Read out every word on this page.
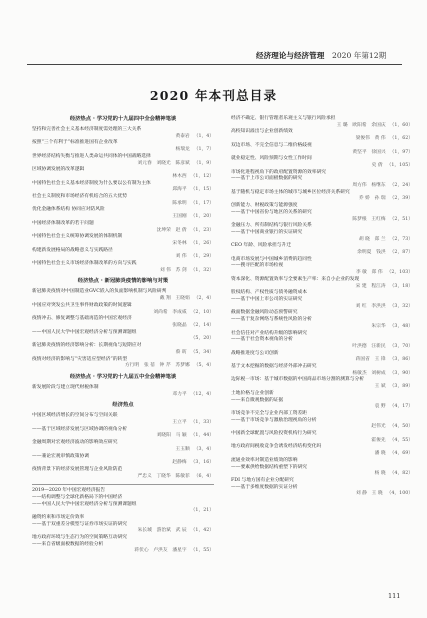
经济理论与经济管理 2020 年第12期
2020 年本刊总目录
经济热点 · 学习党的十九届四中全会精神笔谈
坚持和完善社会主义基本经济制度需处理的三大关系
黄泰岩 （1，4）
按照“三个有利于”标准推进国有企业改革
杨瑞龙 （1，7）
世界经济结构失衡与推进人类命运共同体的中国战略选择
刘元春　刘晓光　陈彦斌 （1，9）
区域协调发展的改革逻辑
林木西 （1，12）
中国特色社会主义基本经济制度为什么要以公有制为主体
邱海平 （1，15）
社会主义制度和市场经济有机结合的五大优势
陈承明 （1，17）
优化金融体系结构 协同应对防风险
王国刚 （1，20）
中国经济体制改革的若干问题
沈坤荣　赵 倩 （1，23）
中国特色社会主义统筹协调发展的体制机制
宋冬林 （1，26）
构建新发展格局的战略意义与实践路径
刘 伟 （1，29）
中国特色社会主义市场经济体制改革的方向与实践
刘 伟　苏 剑 （1，32）
经济热点 · 新冠肺炎疫情的影响与对策
新冠肺炎疫情对中国制造业GVC嵌入的负面影响机制与风险研判
戴 翔　王晓娟 （2，4）
中国应对突发公共卫生事件财政政策的时间逻辑
刘尚希　李成威 （2，10）
疫情冲击、修复调整与基础再造的中国宏观经济
张晓晶 （2，14）
——中国人民大学中国宏观经济分析与预测课题组
（5，20）
新冠肺炎疫情的经济影响分析：长期视角与短期应对
蔡 昉 （5，34）
疫情对经济的影响与“灾害适应型经济”的转型
方行明　张 蓓　钟 芹　苏梦娜 （5，4）
经济热点 · 学习党的十九届五中全会精神笔谈
新发展阶段与建立现代财税体制
邓力平 （12，4）
经济热点
中国区域经济增长的空间分布与空间关联
王立平 （1，33）
——基于区域经济发展与区域协调的视角分析
刘晓阳　马 颖 （1，44）
金融周期对宏观经济波动的影响效应研究
王玉顺 （3，4）
——兼论宏观审慎政策协调
赵静梅 （3，16）
疫情背景下的经济发展管理与企业风险防范
严忠义　丁晓华　陈敏菲 （6，4）
2019—2020 年中国宏观经济报告
——结构调整与全球化新格局下的中国经济
——中国人民大学中国宏观经济分析与预测课题组
（1，21）
融资约束和市场定价效率
——基于双重差分模型与证券市场实证的研究
朱长城　游治斌　武 辰 （1，42）
地方政府环境与生态行为的空间策略互动研究
——来自省级面板数据的经验分析
蒋伏心　卢洪友　潘星宇 （1，55）
经济不确定、银行管理者乐观主义与银行风险承担
王 璐　欧阳希　余国庆 （1，60）
高校知识溢出与企业创新绩效
梁俊伟　黄 伟 （1，62）
双边市场、不完全信息与二维价格歧视
黄坚平　徐国兴 （1，97）
就业稳定性、风险预期与女性工作时间
史 倩 （1，105）
市场化进程视角下的政府配置资源的效率研究
——基于上市公司面板数据的研究
周方伟　杨继东 （2，24）
基于随机与稳定市场主体的城市与城乡区位经济关系研究
乔 娇　孙 瑞 （2，39）
创新能力、财税政策与能源强度
——基于中国省份与地区的关系的研究
陈梦根　王红梅 （2，51）
金融压力、所有制结构与银行风险关系
——基于中国商业银行的实证研究
胡 晓　郑 兰 （2，73）
CEO 年龄、风险承担与升迁
余明夏　钱洪 （2，87）
电商市场发展与中国城乡消费的趋同性
——搜寻匹配的市场检视
李 敏　郑 伟 （2，103）
资本深化、资源配置效率与全要素生产率：来自小企业的发现
宋 建　程江涛 （3，18）
股权结构、产权性质与债务融资成本
——基于中国上市公司的实证研究
刘 红　李洪洪 （3，32）
截面数据金融风险动态预警研究
——基于复杂网络与系统性风险的分析
朱宗华 （3，48）
社会信任对产业结构升级的影响研究
——基于社会资本视角的分析
叶洪德　汪新民 （3，70）
战略推进度与公司创新
蒋国省　王 锋 （3，86）
基于文本挖掘的数据与经济外部冲击研究
杨敏杰　刘树成 （3，90）
边际税一市场：基于城市数据的中国商品市场分割的测算与分析
王 斌 （3，89）
土地价格与企业创新
——来自微观数据的证据
袁 野 （4，17）
市场竞争不完全与企业内部工资差距
——基于市场竞争与激励治理视角的分析
赵伟光 （4，50）
中国新全球配置与风险投资机构行为研究
霍俊先 （4，55）
地方政府间税收竞争会诱发经济结构变化吗
潘 晓 （4，69）
流通业效率对制造业绩效的影响
——要素供给数据结构重塑下的研究
杨 晓 （4，82）
FDI 与地方国有企业分配研究
——基于多维度数据的实证分析
刘 静　王 晓 （4，100）
111
